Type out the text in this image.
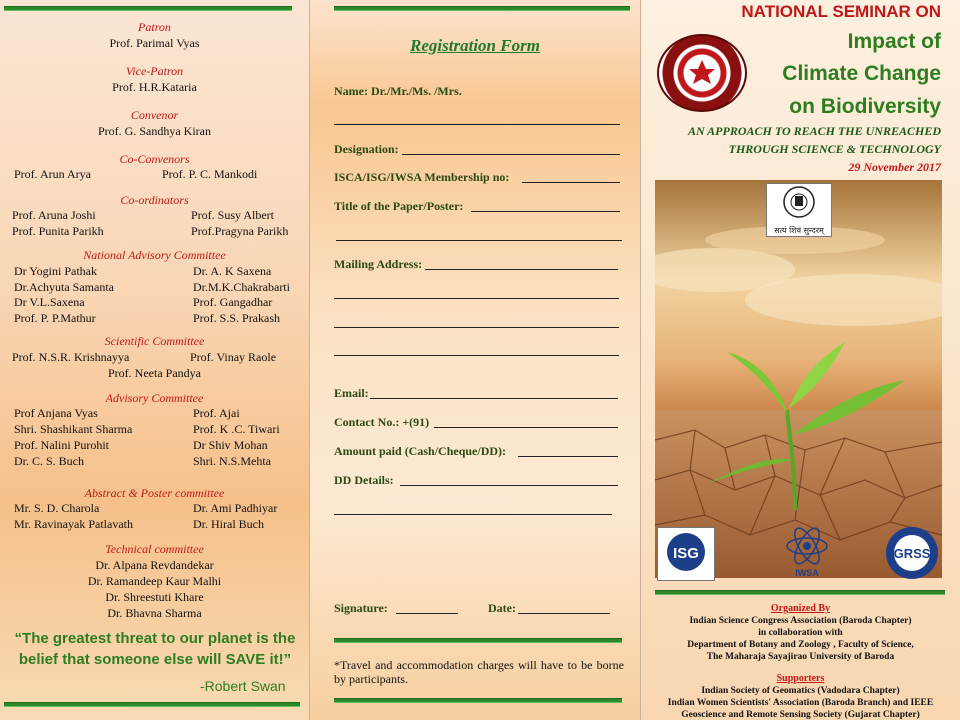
Patron
Prof. Parimal Vyas
Vice-Patron
Prof. H.R.Kataria
Convenor
Prof. G. Sandhya Kiran
Co-Convenors
Prof. Arun Arya	Prof. P. C. Mankodi
Co-ordinators
Prof. Aruna Joshi	Prof. Susy Albert
Prof. Punita Parikh	Prof.Pragyna Parikh
National Advisory Committee
Dr Yogini Pathak	Dr. A. K Saxena
Dr.Achyuta Samanta	Dr.M.K.Chakrabarti
Dr V.L.Saxena	Prof. Gangadhar
Prof. P. P.Mathur	Prof. S.S. Prakash
Scientific Committee
Prof. N.S.R. Krishnayya	Prof. Vinay Raole
Prof. Neeta Pandya
Advisory Committee
Prof Anjana Vyas	Prof. Ajai
Shri. Shashikant Sharma	Prof. K .C. Tiwari
Prof. Nalini Purohit	Dr Shiv Mohan
Dr. C. S. Buch	Shri. N.S.Mehta
Abstract & Poster committee
Mr. S. D. Charola	Dr. Ami Padhiyar
Mr. Ravinayak Patlavath	Dr. Hiral Buch
Technical committee
Dr. Alpana Revdandekar
Dr. Ramandeep Kaur Malhi
Dr. Shreestuti Khare
Dr. Bhavna Sharma
“The greatest threat to our planet is the
belief that someone else will SAVE it!”
-Robert Swan
Registration Form
Name: Dr./Mr./Ms. /Mrs.
Designation:
ISCA/ISG/IWSA Membership no:
Title of the Paper/Poster:
Mailing Address:
Email:
Contact No.: +(91)
Amount paid (Cash/Cheque/DD):
DD Details:
Signature:	Date:
*Travel and accommodation charges will have to be borne by participants.
NATIONAL SEMINAR ON
Impact of
Climate Change
on Biodiversity
AN APPROACH TO REACH THE UNREACHED
THROUGH SCIENCE & TECHNOLOGY
29 November 2017
सत्यं शिवं सुन्दरम्
ISG
IWSA
GRSS
Organized By
Indian Science Congress Association (Baroda Chapter)
in collaboration with
Department of Botany and Zoology , Faculty of Science,
The Maharaja Sayajirao University of Baroda
Supporters
Indian Society of Geomatics (Vadodara Chapter)
Indian Women Scientists' Association (Baroda Branch) and IEEE
Geoscience and Remote Sensing Society (Gujarat Chapter)
